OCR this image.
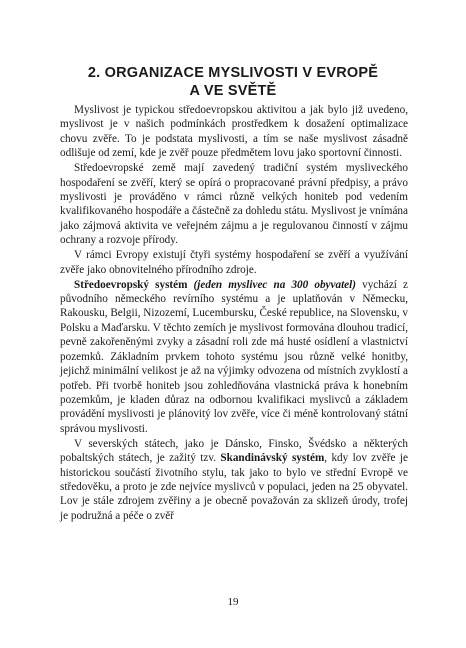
2. ORGANIZACE MYSLIVOSTI V EVROPĚ
A VE SVĚTĚ

Myslivost je typickou středoevropskou aktivitou a jak bylo již uvedeno, myslivost je v našich podmínkách prostředkem k dosažení optimalizace chovu zvěře. To je podstata myslivosti, a tím se naše myslivost zásadně odlišuje od zemí, kde je zvěř pouze předmětem lovu jako sportovní činnosti.

Středoevropské země mají zavedený tradiční systém mysliveckého hospodaření se zvěří, který se opírá o propracované právní předpisy, a právo myslivosti je prováděno v rámci různě velkých honiteb pod vedením kvalifikovaného hospodáře a částečně za dohledu státu. Myslivost je vnímána jako zájmová aktivita ve veřejném zájmu a je regulovanou činností v zájmu ochrany a rozvoje přírody.

V rámci Evropy existují čtyři systémy hospodaření se zvěří a využívání zvěře jako obnovitelného přírodního zdroje.

Středoevropský systém (jeden myslivec na 300 obyvatel) vychází z původního německého revírního systému a je uplatňován v Německu, Rakousku, Belgii, Nizozemí, Lucembursku, České republice, na Slovensku, v Polsku a Maďarsku. V těchto zemích je myslivost formována dlouhou tradicí, pevně zakořeněnými zvyky a zásadní roli zde má husté osídlení a vlastnictví pozemků. Základním prvkem tohoto systému jsou různě velké honitby, jejichž minimální velikost je až na výjimky odvozena od místních zvyklostí a potřeb. Při tvorbě honiteb jsou zohledňována vlastnická práva k honebním pozemkům, je kladen důraz na odbornou kvalifikaci myslivců a základem provádění myslivosti je plánovitý lov zvěře, více či méně kontrolovaný státní správou myslivosti.

V severských státech, jako je Dánsko, Finsko, Švédsko a některých pobaltských státech, je zažitý tzv. Skandinávský systém, kdy lov zvěře je historickou součástí životního stylu, tak jako to bylo ve střední Evropě ve středověku, a proto je zde nejvíce myslivců v populaci, jeden na 25 obyvatel. Lov je stále zdrojem zvěřiny a je obecně považován za sklizeň úrody, trofej je podružná a péče o zvěř

19
